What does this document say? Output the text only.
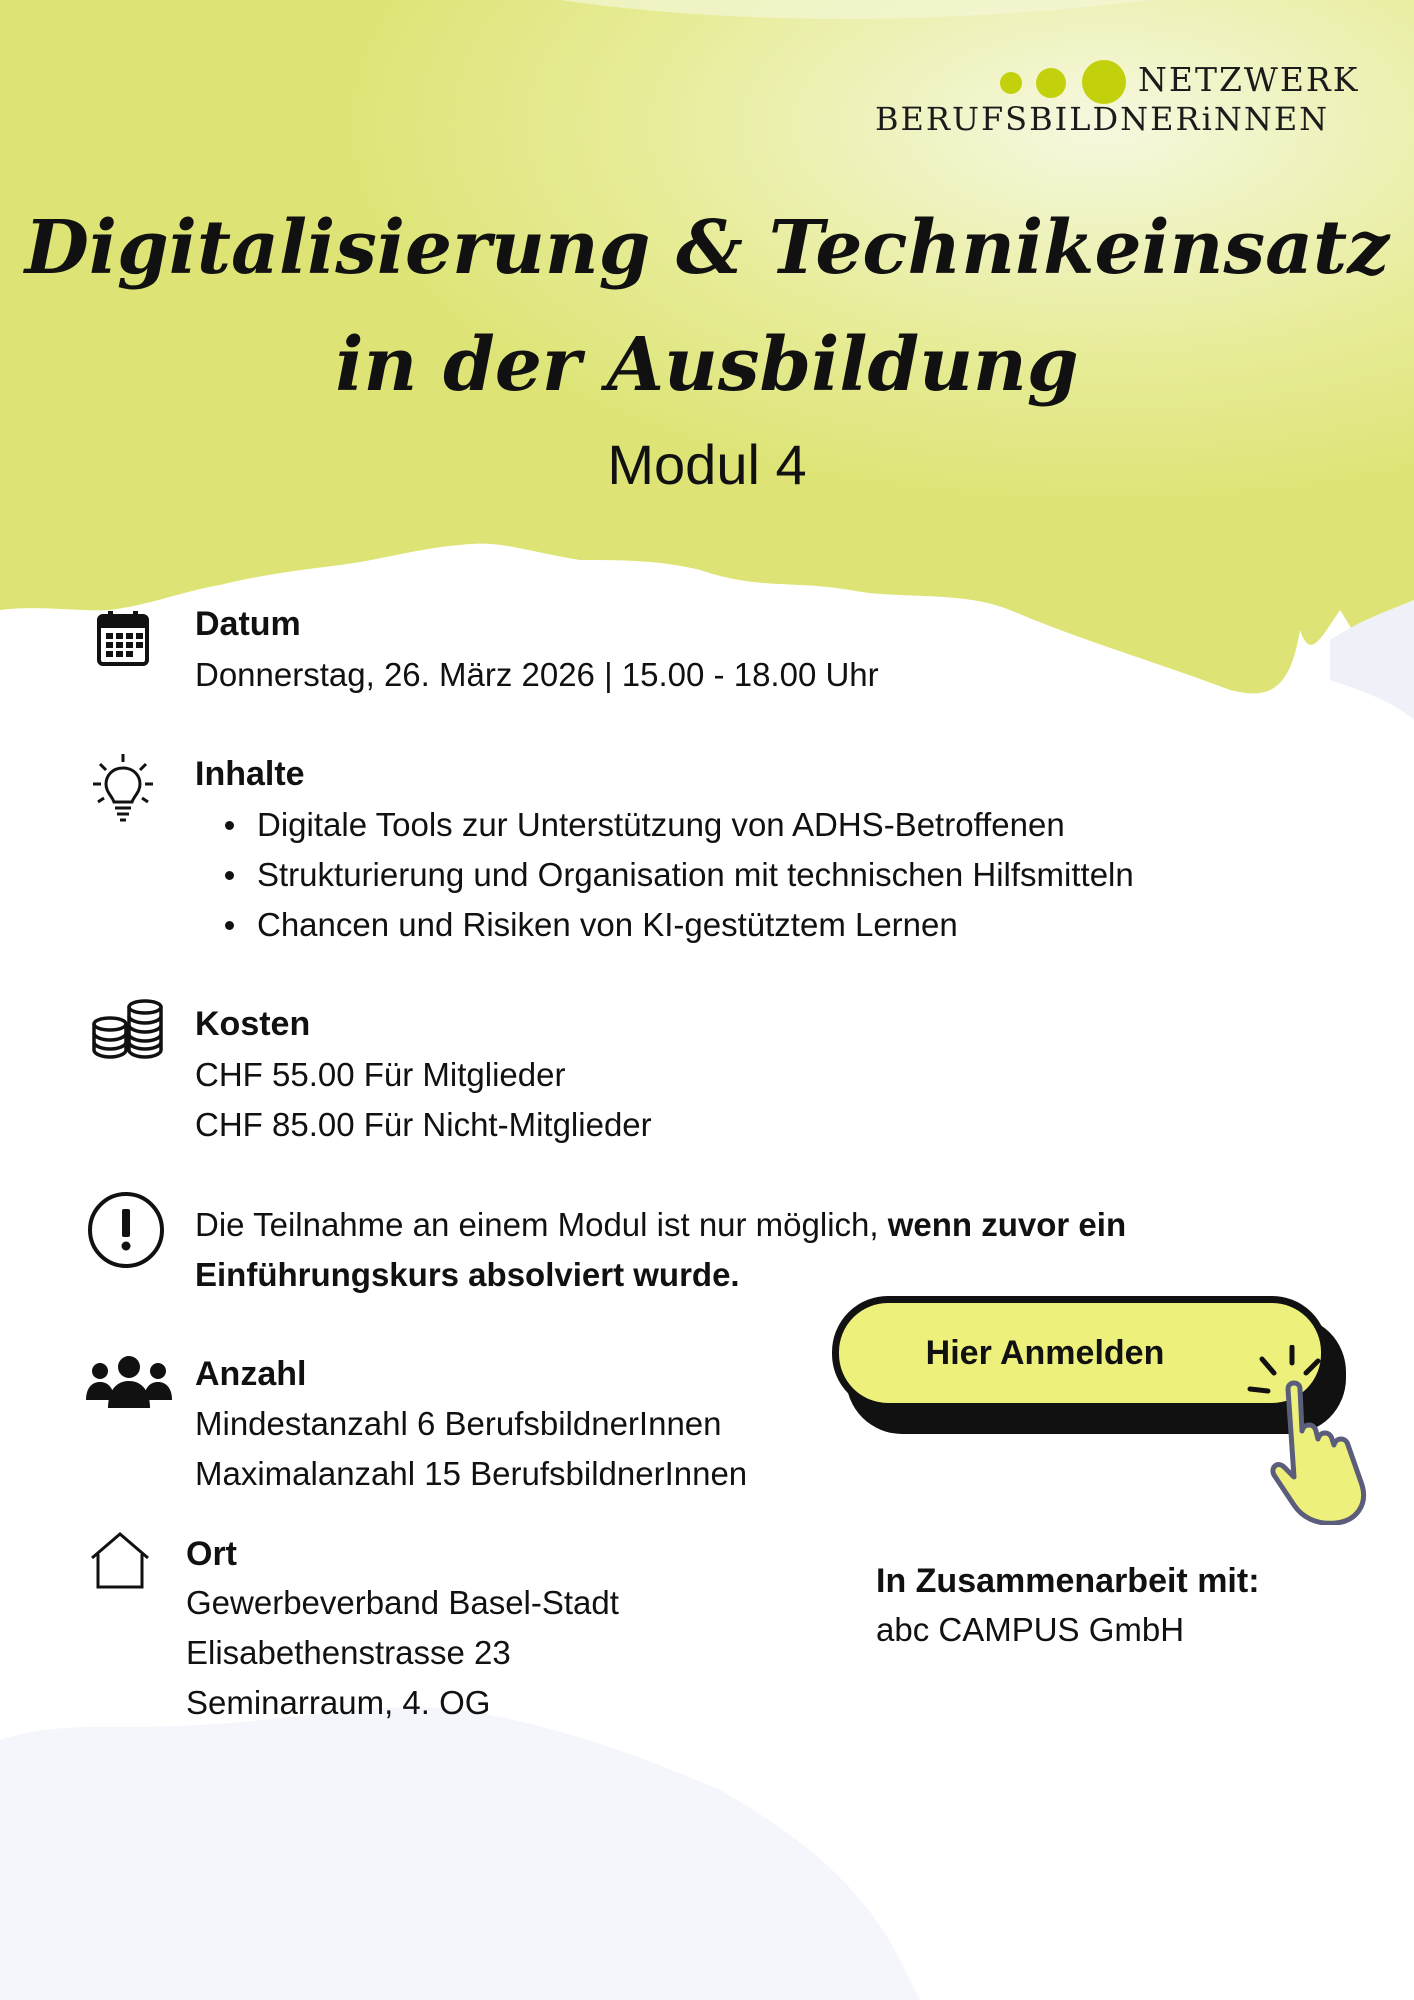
NETZWERK
BERUFSBILDNERiNNEN
Digitalisierung & Technikeinsatz
in der Ausbildung
Modul 4
Datum
Donnerstag, 26. März 2026 | 15.00 - 18.00 Uhr
Inhalte
Digitale Tools zur Unterstützung von ADHS-Betroffenen
Strukturierung und Organisation mit technischen Hilfsmitteln
Chancen und Risiken von KI-gestütztem Lernen
Kosten
CHF 55.00 Für Mitglieder
CHF 85.00 Für Nicht-Mitglieder
Die Teilnahme an einem Modul ist nur möglich, wenn zuvor ein
Einführungskurs absolviert wurde.
Anzahl
Mindestanzahl 6 BerufsbildnerInnen
Maximalanzahl 15 BerufsbildnerInnen
Ort
Gewerbeverband Basel-Stadt
Elisabethenstrasse 23
Seminarraum, 4. OG
Hier Anmelden
In Zusammenarbeit mit:
abc CAMPUS GmbH
